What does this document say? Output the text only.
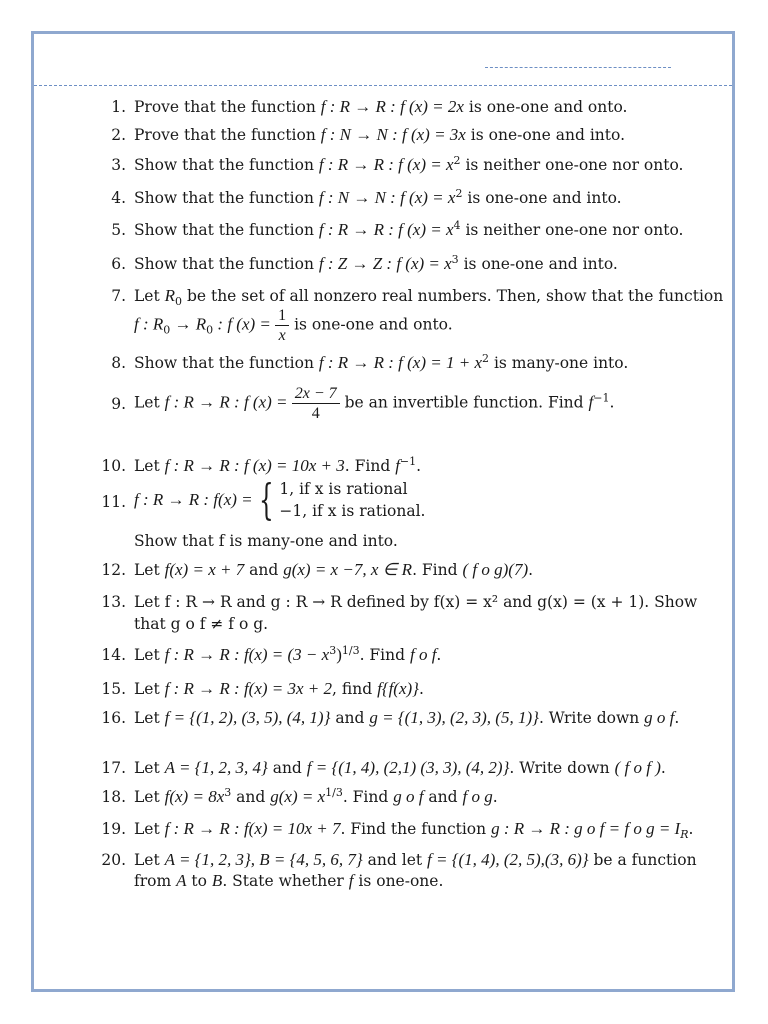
1. Prove that the function f : R → R : f (x) = 2x is one-one and onto.
2. Prove that the function f : N → N : f (x) = 3x is one-one and into.
3. Show that the function f : R → R : f $(x) = x^2$ is neither one-one nor onto.
4. Show that the function f : N → N : f $(x) = x^2$ is one-one and into.
5. Show that the function f : R → R : f $(x) = x^4$ is neither one-one nor onto.
6. Show that the function f : Z → Z : f $(x) = x^3$ is one-one and into.
7. Let $R_0$ be the set of all nonzero real numbers. Then, show that the function
f : $R_0 \to R_0$ : f $(x) = \frac{1}{x}$ is one-one and onto.
8. Show that the function f : R → R : f $(x) = 1 + x^2$ is many-one into.
9. Let f : R → R : f $(x) = \frac{2x - 7}{4}$ be an invertible function. Find $f^{-1}$.
10. Let f : R → R : f (x) = 10x + 3. Find $f^{-1}$.
11. f : R → R : f(x) = { 1, if x is rational
−1, if x is rational.
Show that f is many-one and into.
12. Let f(x) = x + 7 and g(x) = x −7, x ∈ R. Find ( f o g)(7).
13. Let f : R → R and g : R → R defined by f(x) = x² and g(x) = (x + 1). Show
that g o f ≠ f o g.
14. Let f : R → R : $f(x) = (3 - x^3)^{1/3}$. Find f o f.
15. Let f : R → R : f(x) = 3x + 2, find f{f(x)}.
16. Let f = {(1, 2), (3, 5), (4, 1)} and g = {(1, 3), (2, 3), (5, 1)}. Write down g o f.
17. Let A = {1, 2, 3, 4} and f = {(1, 4), (2,1) (3, 3), (4, 2)}. Write down ( f o f ).
18. Let $f(x) = 8x^3$ and $g(x) = x^{1/3}$. Find g o f and f o g.
19. Let f : R → R : f(x) = 10x + 7. Find the function g : R → R : g o f = f o $g = I_R$.
20. Let A = {1, 2, 3}, B = {4, 5, 6, 7} and let f = {(1, 4), (2, 5),(3, 6)} be a function
from A to B. State whether f is one-one.
